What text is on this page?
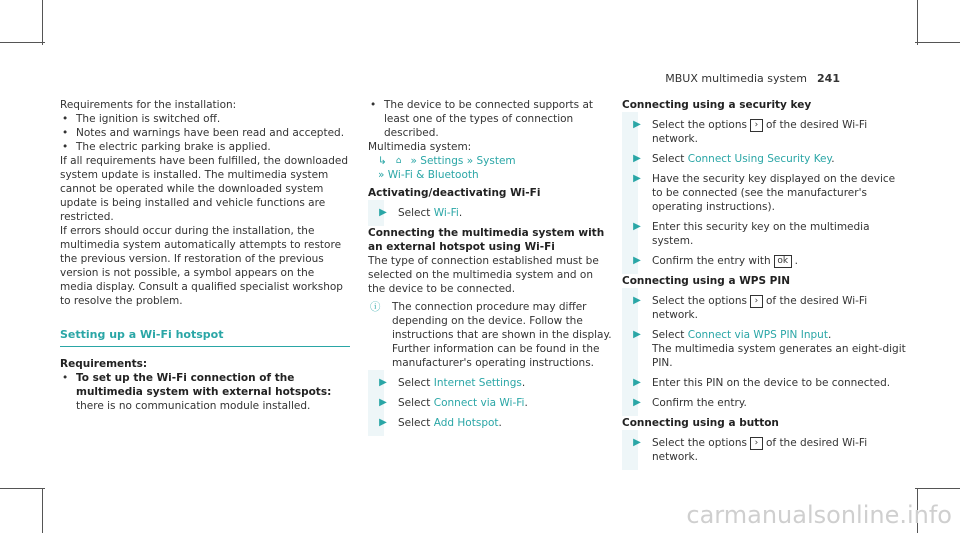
MBUX multimedia system 241

Requirements for the installation:

• The ignition is switched off.
• Notes and warnings have been read and accepted.
• The electric parking brake is applied.

If all requirements have been fulfilled, the downloaded system update is installed. The multimedia system cannot be operated while the downloaded system update is being installed and vehicle functions are restricted.

If errors should occur during the installation, the multimedia system automatically attempts to restore the previous version. If restoration of the previous version is not possible, a symbol appears on the media display. Consult a qualified specialist workshop to resolve the problem.

Setting up a Wi-Fi hotspot

Requirements:

• To set up the Wi-Fi connection of the multimedia system with external hotspots:
there is no communication module installed.
• The device to be connected supports at least one of the types of connection described.

Multimedia system:

↳ ⌂ » Settings » System

» Wi-Fi & Bluetooth

Activating/deactivating Wi-Fi

▶	Select Wi-Fi.

Connecting the multimedia system with an external hotspot using Wi-Fi

The type of connection established must be selected on the multimedia system and on the device to be connected.

ⓘ	The connection procedure may differ depending on the device. Follow the instructions that are shown in the display. Further information can be found in the manufacturer's operating instructions.
▶	Select Internet Settings.
▶	Select Connect via Wi-Fi.
▶	Select Add Hotspot.

Connecting using a security key

▶	Select the options › of the desired Wi-Fi network.
▶	Select Connect Using Security Key.
▶	Have the security key displayed on the device to be connected (see the manufacturer's operating instructions).
▶	Enter this security key on the multimedia system.
▶	Confirm the entry with ok .

Connecting using a WPS PIN

▶	Select the options › of the desired Wi-Fi network.
▶	Select Connect via WPS PIN Input.
The multimedia system generates an eight-digit PIN.
▶	Enter this PIN on the device to be connected.
▶	Confirm the entry.

Connecting using a button

▶	Select the options › of the desired Wi-Fi network.
carmanualsonline.info
